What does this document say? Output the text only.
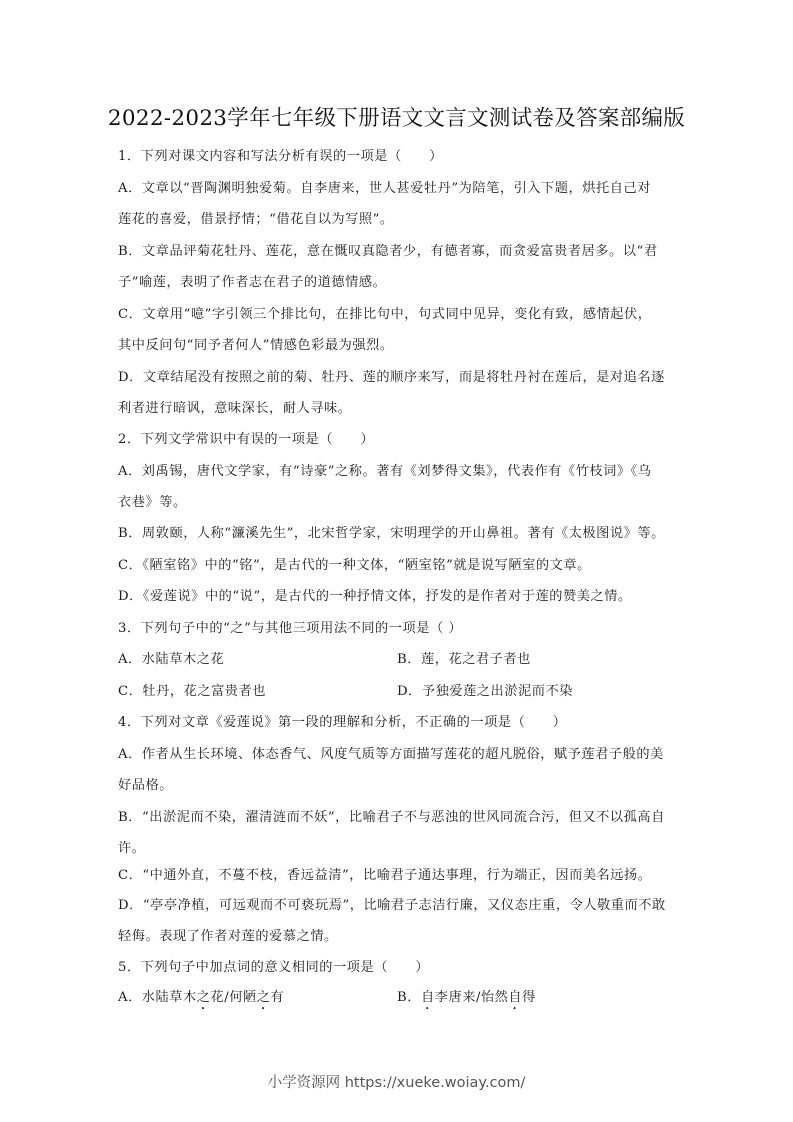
2022-2023学年七年级下册语文文言文测试卷及答案部编版
1．下列对课文内容和写法分析有误的一项是（　　）
A．文章以“晋陶渊明独爱菊。自李唐来，世人甚爱牡丹”为陪笔，引入下题，烘托自己对
莲花的喜爱，借景抒情；“借花自以为写照”。
B．文章品评菊花牡丹、莲花，意在慨叹真隐者少，有德者寡，而贪爱富贵者居多。以“君
子”喻莲，表明了作者志在君子的道德情感。
C．文章用“噫”字引领三个排比句，在排比句中，句式同中见异，变化有致，感情起伏，
其中反问句“同予者何人”情感色彩最为强烈。
D．文章结尾没有按照之前的菊、牡丹、莲的顺序来写，而是将牡丹衬在莲后，是对追名逐
利者进行暗讽，意味深长，耐人寻味。
2．下列文学常识中有误的一项是（　　）
A．刘禹锡，唐代文学家，有“诗豪”之称。著有《刘梦得文集》，代表作有《竹枝词》《乌
衣巷》等。
B．周敦颐，人称“濂溪先生”，北宋哲学家，宋明理学的开山鼻祖。著有《太极图说》等。
C．《陋室铭》中的“铭”，是古代的一种文体，“陋室铭”就是说写陋室的文章。
D．《爱莲说》中的“说”，是古代的一种抒情文体，抒发的是作者对于莲的赞美之情。
3．下列句子中的“之”与其他三项用法不同的一项是（ ）
A．水陆草木之花	B．莲，花之君子者也
C．牡丹，花之富贵者也	D．予独爱莲之出淤泥而不染
4．下列对文章《爱莲说》第一段的理解和分析，不正确的一项是（　　）
A．作者从生长环境、体态香气、风度气质等方面描写莲花的超凡脱俗，赋予莲君子般的美
好品格。
B．“出淤泥而不染，濯清涟而不妖”，比喻君子不与恶浊的世风同流合污，但又不以孤高自
许。
C．“中通外直，不蔓不枝，香远益清”，比喻君子通达事理，行为端正，因而美名远扬。
D．“亭亭净植，可远观而不可亵玩焉”，比喻君子志洁行廉，又仪态庄重，令人敬重而不敢
轻侮。表现了作者对莲的爱慕之情。
5．下列句子中加点词的意义相同的一项是（　　）
A．水陆草木之花/何陋之有	B．自李唐来/怡然自得
小学资源网 https://xueke.woiay.com/
